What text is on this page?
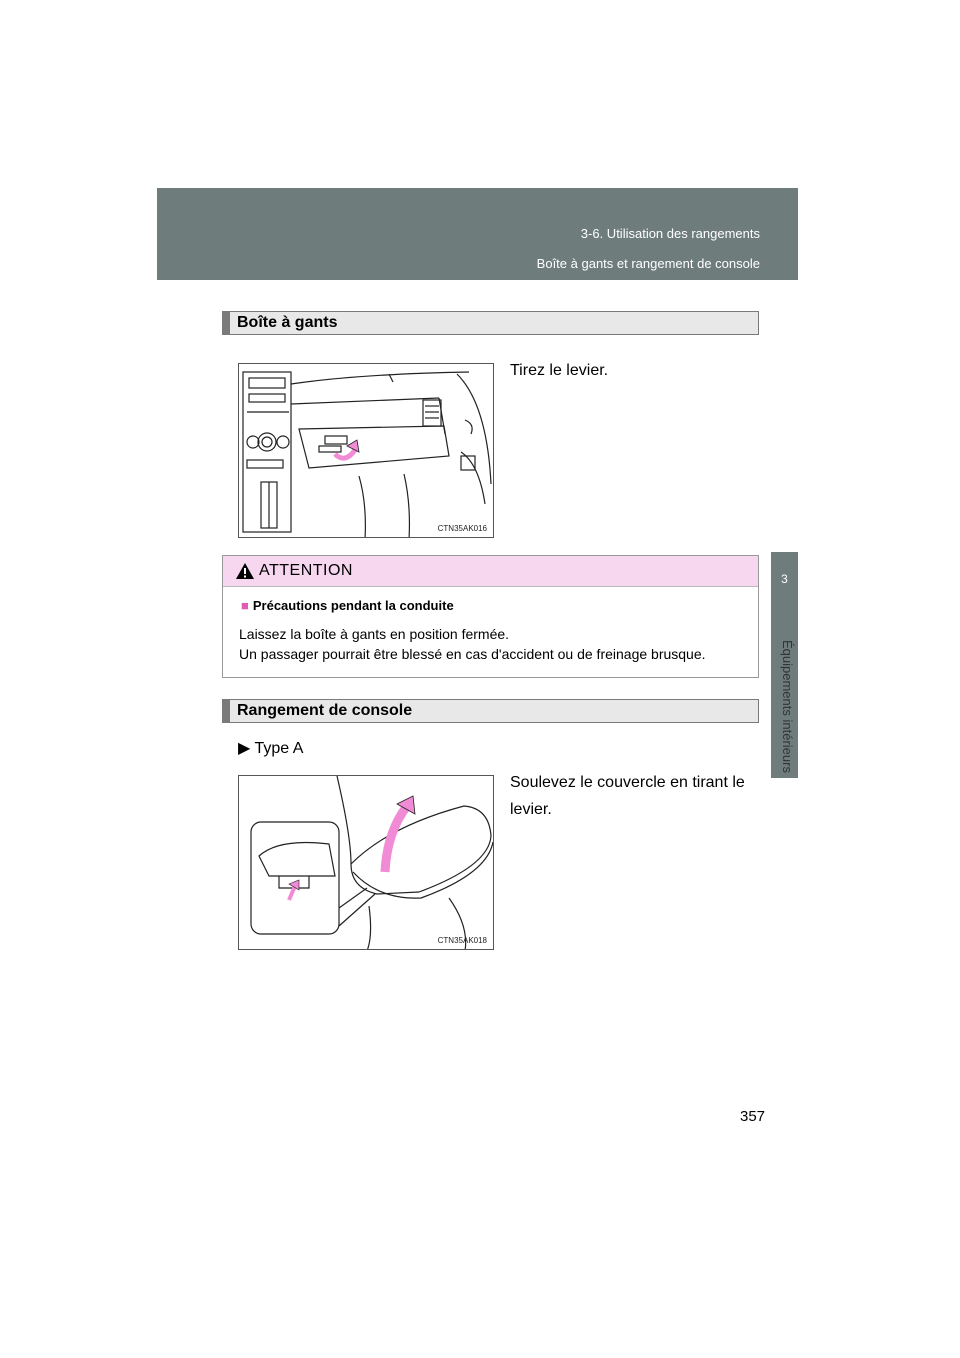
3-6. Utilisation des rangements
Boîte à gants et rangement de console
3
Équipements intérieurs
Boîte à gants
CTN35AK016
Tirez le levier.
ATTENTION
■ Précautions pendant la conduite
Laissez la boîte à gants en position fermée.
Un passager pourrait être blessé en cas d'accident ou de freinage brusque.
Rangement de console
▶ Type A
CTN35AK018
Soulevez le couvercle en tirant le
levier.
357
